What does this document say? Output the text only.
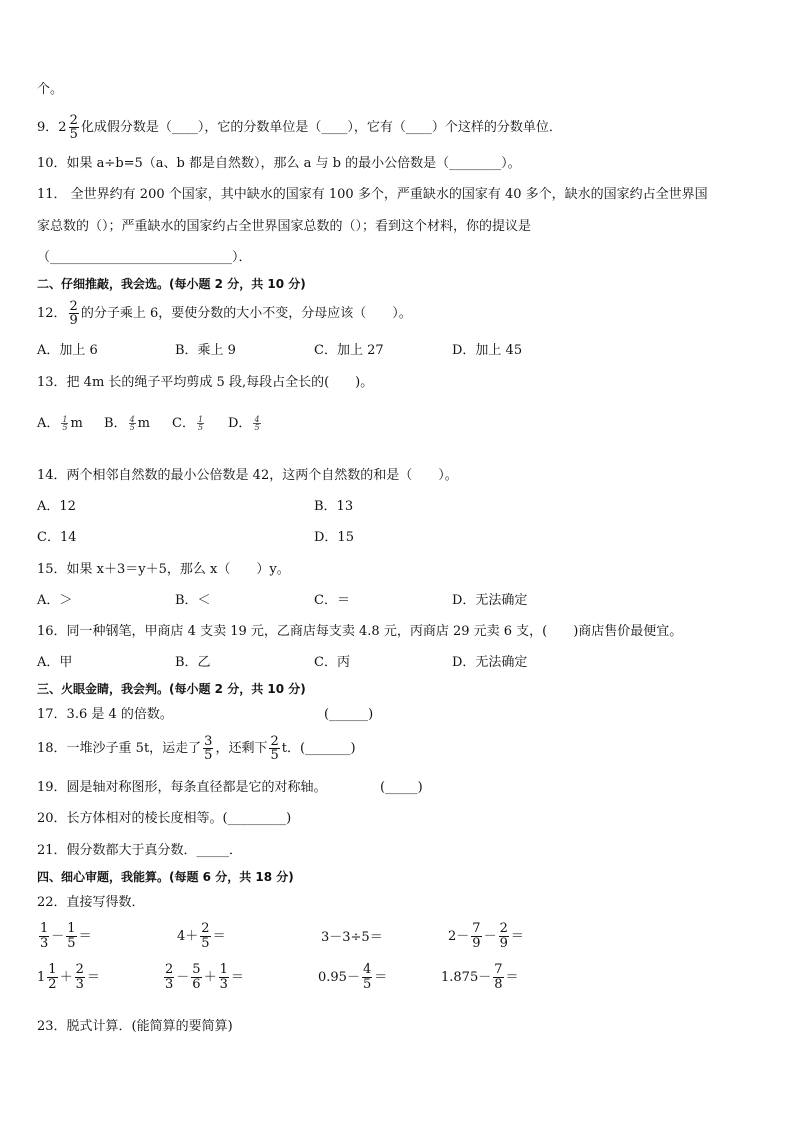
个。
9．$2 \frac{2}{5}$ 化成假分数是（____），它的分数单位是（____），它有（____）个这样的分数单位．
10．如果 a÷b=5（a、b 都是自然数），那么 a 与 b 的最小公倍数是（________）。
11． 全世界约有 200 个国家，其中缺水的国家有 100 多个，严重缺水的国家有 40 多个，缺水的国家约占全世界国
家总数的（）；严重缺水的国家约占全世界国家总数的（）；看到这个材料，你的提议是
（____________________________）．
二、仔细推敲，我会选。(每小题 2 分，共 10 分)
12． $\frac{2}{9}$ 的分子乘上 6，要使分数的大小不变，分母应该（　　）。
A．加上 6	B．乘上 9	C．加上 27	D．加上 45
13．把 4m 长的绳子平均剪成 5 段,每段占全长的(　　)。
A． $\frac{1}{5}$ m B． $\frac{4}{5}$ m C． $\frac{1}{5}$ D． $\frac{4}{5}$
14．两个相邻自然数的最小公倍数是 42，这两个自然数的和是（　　）。
A．12	B．13
C．14	D．15
15．如果 x＋3＝y＋5，那么 x（　　）y。
A．＞	B．＜	C．＝	D．无法确定
16．同一种钢笔，甲商店 4 支卖 19 元，乙商店每支卖 4.8 元，丙商店 29 元卖 6 支，(　　)商店售价最便宜。
A．甲	B．乙	C．丙	D．无法确定
三、火眼金睛，我会判。(每小题 2 分，共 10 分)
17．3.6 是 4 的倍数。	(______)
18．一堆沙子重 5t，运走了 $\frac{3}{5}$ ，还剩下 $\frac{2}{5}$ t．(_______)
19．圆是轴对称图形，每条直径都是它的对称轴。	(_____)
20．长方体相对的棱长度相等。(_________)
21．假分数都大于真分数．_____．
四、细心审题，我能算。(每题 6 分，共 18 分)
22．直接写得数．
$\frac{1}{3} - \frac{1}{5}$ ＝	$4+ \frac{2}{5}$ ＝	3－3÷5＝	$2- \frac{7}{9} - \frac{2}{9}$ ＝
$1 \frac{1}{2} + \frac{2}{3}$ ＝	$\frac{2}{3} - \frac{5}{6} + \frac{1}{3}$ ＝	$0.95- \frac{4}{5}$ ＝	$1.875- \frac{7}{8}$ ＝
23．脱式计算．(能简算的要简算)
